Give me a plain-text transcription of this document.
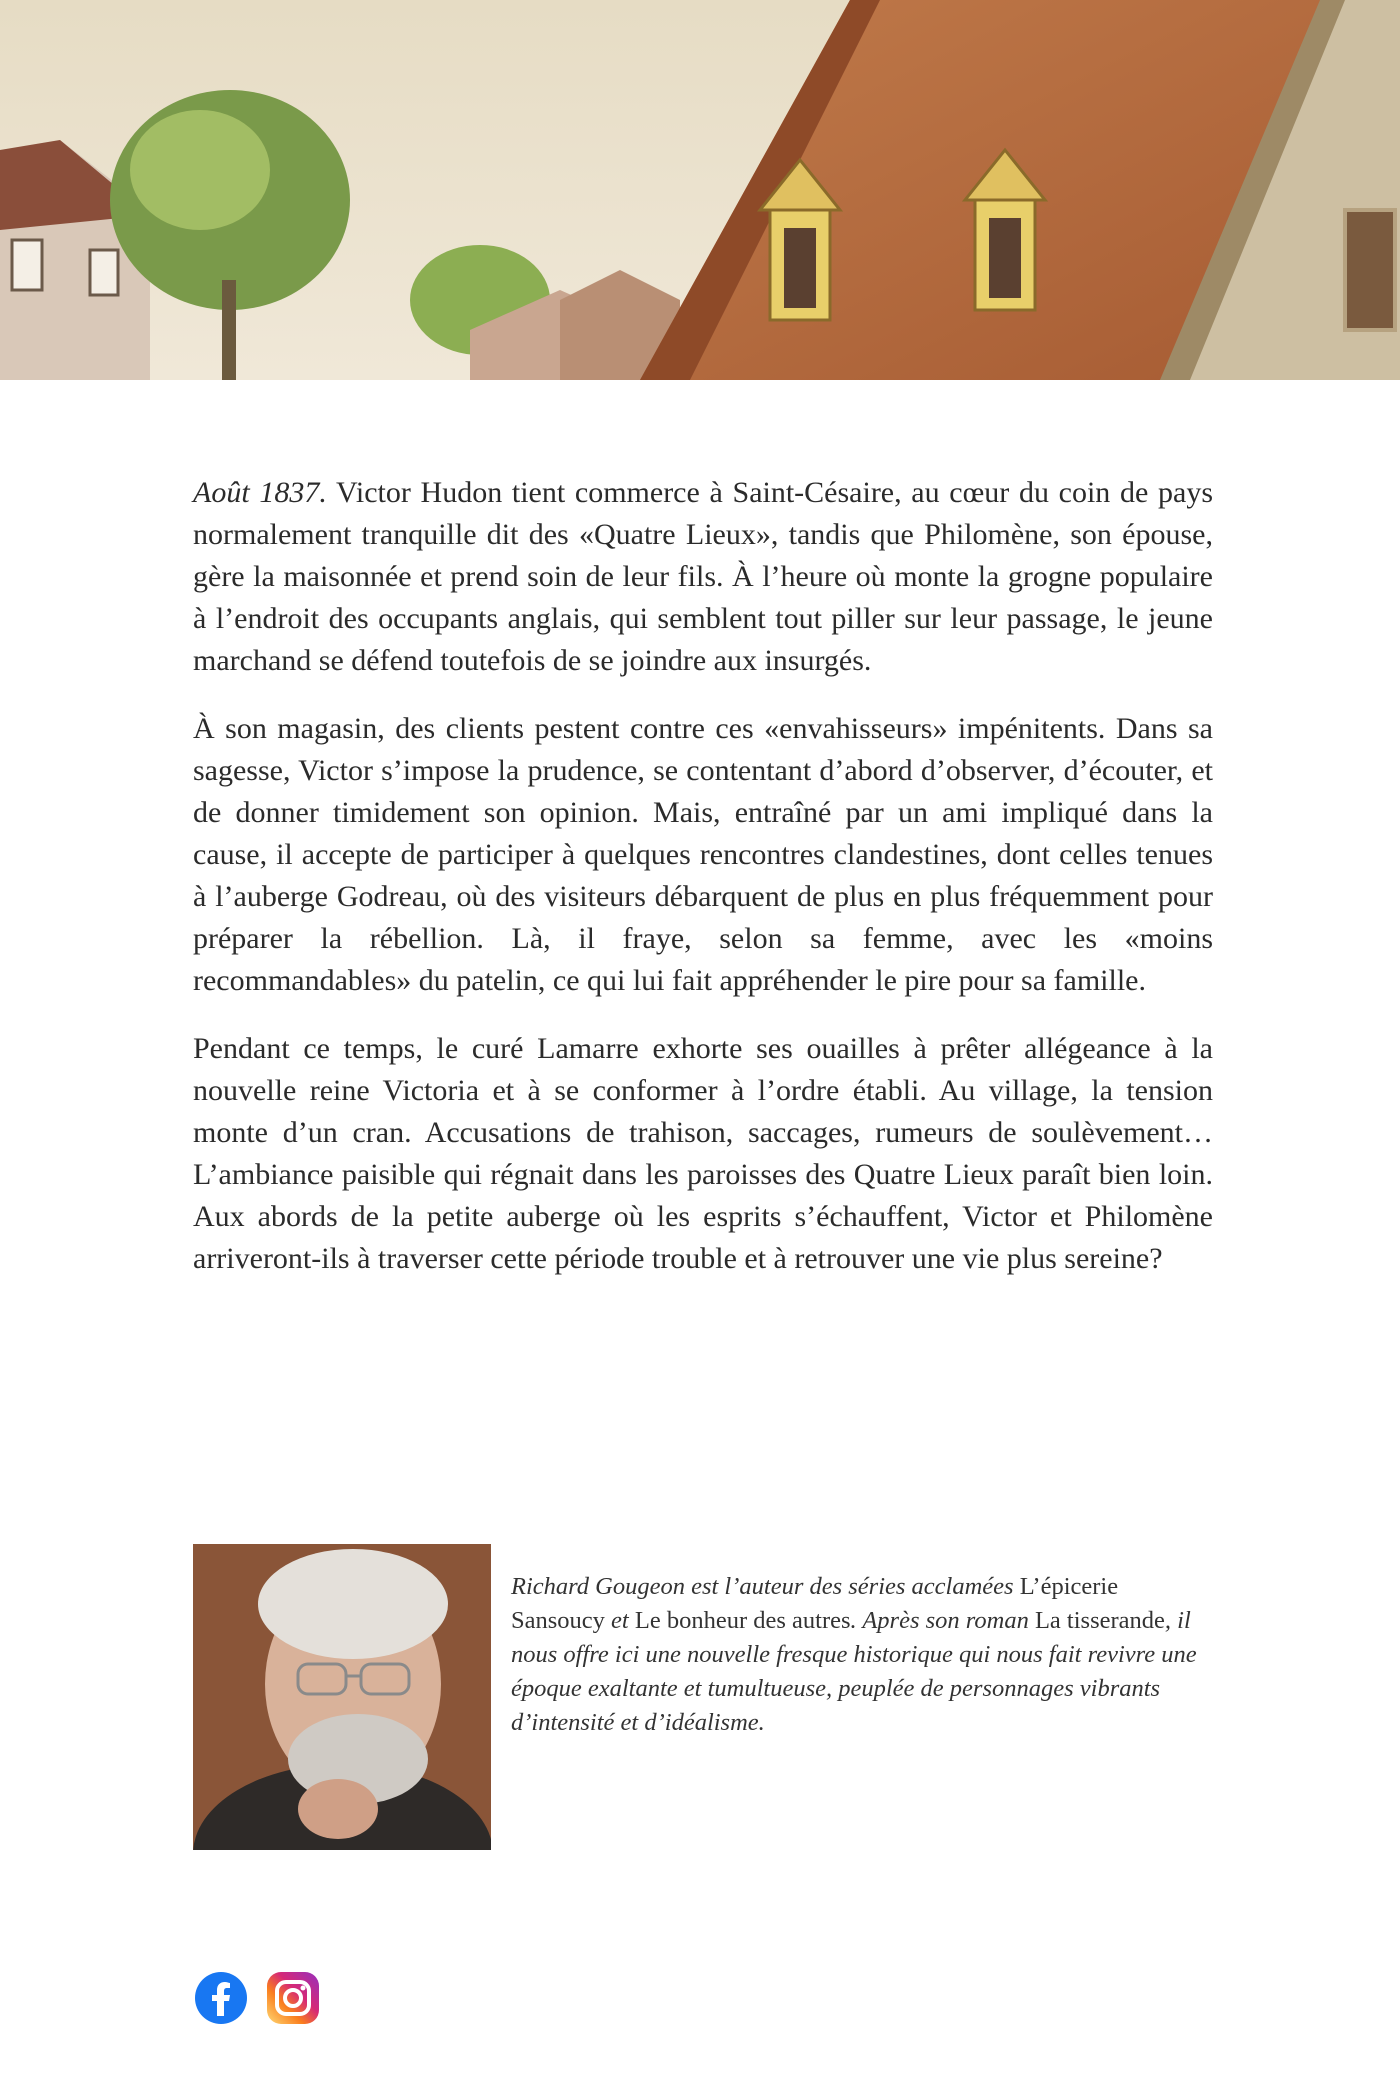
Août 1837. Victor Hudon tient commerce à Saint-Césaire, au cœur du coin de pays normalement tranquille dit des «Quatre Lieux», tandis que Philomène, son épouse, gère la maisonnée et prend soin de leur fils. À l’heure où monte la grogne populaire à l’endroit des occupants anglais, qui semblent tout piller sur leur passage, le jeune marchand se défend toutefois de se joindre aux insurgés.

À son magasin, des clients pestent contre ces «envahisseurs» impénitents. Dans sa sagesse, Victor s’impose la prudence, se contentant d’abord d’observer, d’écouter, et de donner timidement son opinion. Mais, entraîné par un ami impliqué dans la cause, il accepte de participer à quelques rencontres clandestines, dont celles tenues à l’auberge Godreau, où des visiteurs débarquent de plus en plus fréquemment pour préparer la rébellion. Là, il fraye, selon sa femme, avec les «moins recommandables» du patelin, ce qui lui fait appréhender le pire pour sa famille.

Pendant ce temps, le curé Lamarre exhorte ses ouailles à prêter allégeance à la nouvelle reine Victoria et à se conformer à l’ordre établi. Au village, la tension monte d’un cran. Accusations de trahison, saccages, rumeurs de soulèvement… L’ambiance paisible qui régnait dans les paroisses des Quatre Lieux paraît bien loin. Aux abords de la petite auberge où les esprits s’échauffent, Victor et Philomène arriveront-ils à traverser cette période trouble et à retrouver une vie plus sereine?

Richard Gougeon est l’auteur des séries acclamées L’épicerie Sansoucy et Le bonheur des autres. Après son roman La tisserande, il nous offre ici une nouvelle fresque historique qui nous fait revivre une époque exaltante et tumultueuse, peuplée de personnages vibrants d’intensité et d’idéalisme.
